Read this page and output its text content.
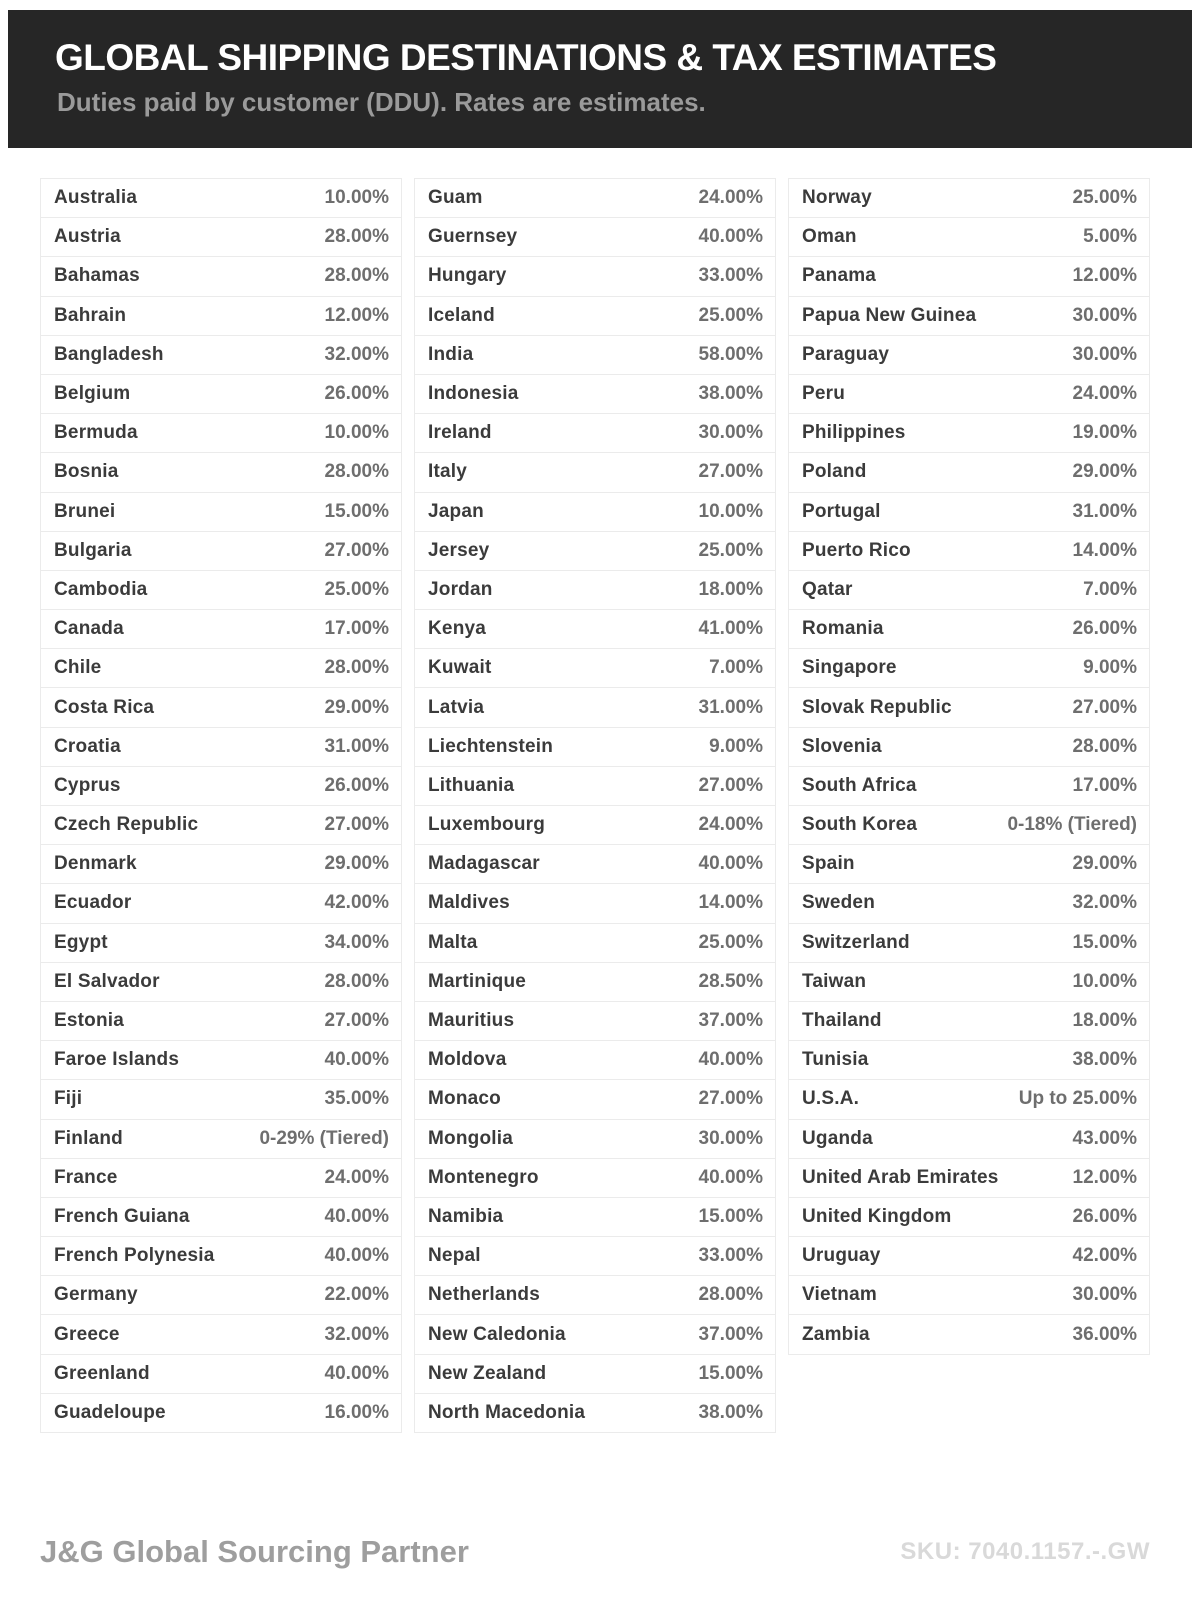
GLOBAL SHIPPING DESTINATIONS & TAX ESTIMATES
Duties paid by customer (DDU). Rates are estimates.
Australia	10.00%
Austria	28.00%
Bahamas	28.00%
Bahrain	12.00%
Bangladesh	32.00%
Belgium	26.00%
Bermuda	10.00%
Bosnia	28.00%
Brunei	15.00%
Bulgaria	27.00%
Cambodia	25.00%
Canada	17.00%
Chile	28.00%
Costa Rica	29.00%
Croatia	31.00%
Cyprus	26.00%
Czech Republic	27.00%
Denmark	29.00%
Ecuador	42.00%
Egypt	34.00%
El Salvador	28.00%
Estonia	27.00%
Faroe Islands	40.00%
Fiji	35.00%
Finland	0-29% (Tiered)
France	24.00%
French Guiana	40.00%
French Polynesia	40.00%
Germany	22.00%
Greece	32.00%
Greenland	40.00%
Guadeloupe	16.00%
Guam	24.00%
Guernsey	40.00%
Hungary	33.00%
Iceland	25.00%
India	58.00%
Indonesia	38.00%
Ireland	30.00%
Italy	27.00%
Japan	10.00%
Jersey	25.00%
Jordan	18.00%
Kenya	41.00%
Kuwait	7.00%
Latvia	31.00%
Liechtenstein	9.00%
Lithuania	27.00%
Luxembourg	24.00%
Madagascar	40.00%
Maldives	14.00%
Malta	25.00%
Martinique	28.50%
Mauritius	37.00%
Moldova	40.00%
Monaco	27.00%
Mongolia	30.00%
Montenegro	40.00%
Namibia	15.00%
Nepal	33.00%
Netherlands	28.00%
New Caledonia	37.00%
New Zealand	15.00%
North Macedonia	38.00%
Norway	25.00%
Oman	5.00%
Panama	12.00%
Papua New Guinea	30.00%
Paraguay	30.00%
Peru	24.00%
Philippines	19.00%
Poland	29.00%
Portugal	31.00%
Puerto Rico	14.00%
Qatar	7.00%
Romania	26.00%
Singapore	9.00%
Slovak Republic	27.00%
Slovenia	28.00%
South Africa	17.00%
South Korea	0-18% (Tiered)
Spain	29.00%
Sweden	32.00%
Switzerland	15.00%
Taiwan	10.00%
Thailand	18.00%
Tunisia	38.00%
U.S.A.	Up to 25.00%
Uganda	43.00%
United Arab Emirates	12.00%
United Kingdom	26.00%
Uruguay	42.00%
Vietnam	30.00%
Zambia	36.00%
J&G Global Sourcing Partner	SKU: 7040.1157.-.GW
